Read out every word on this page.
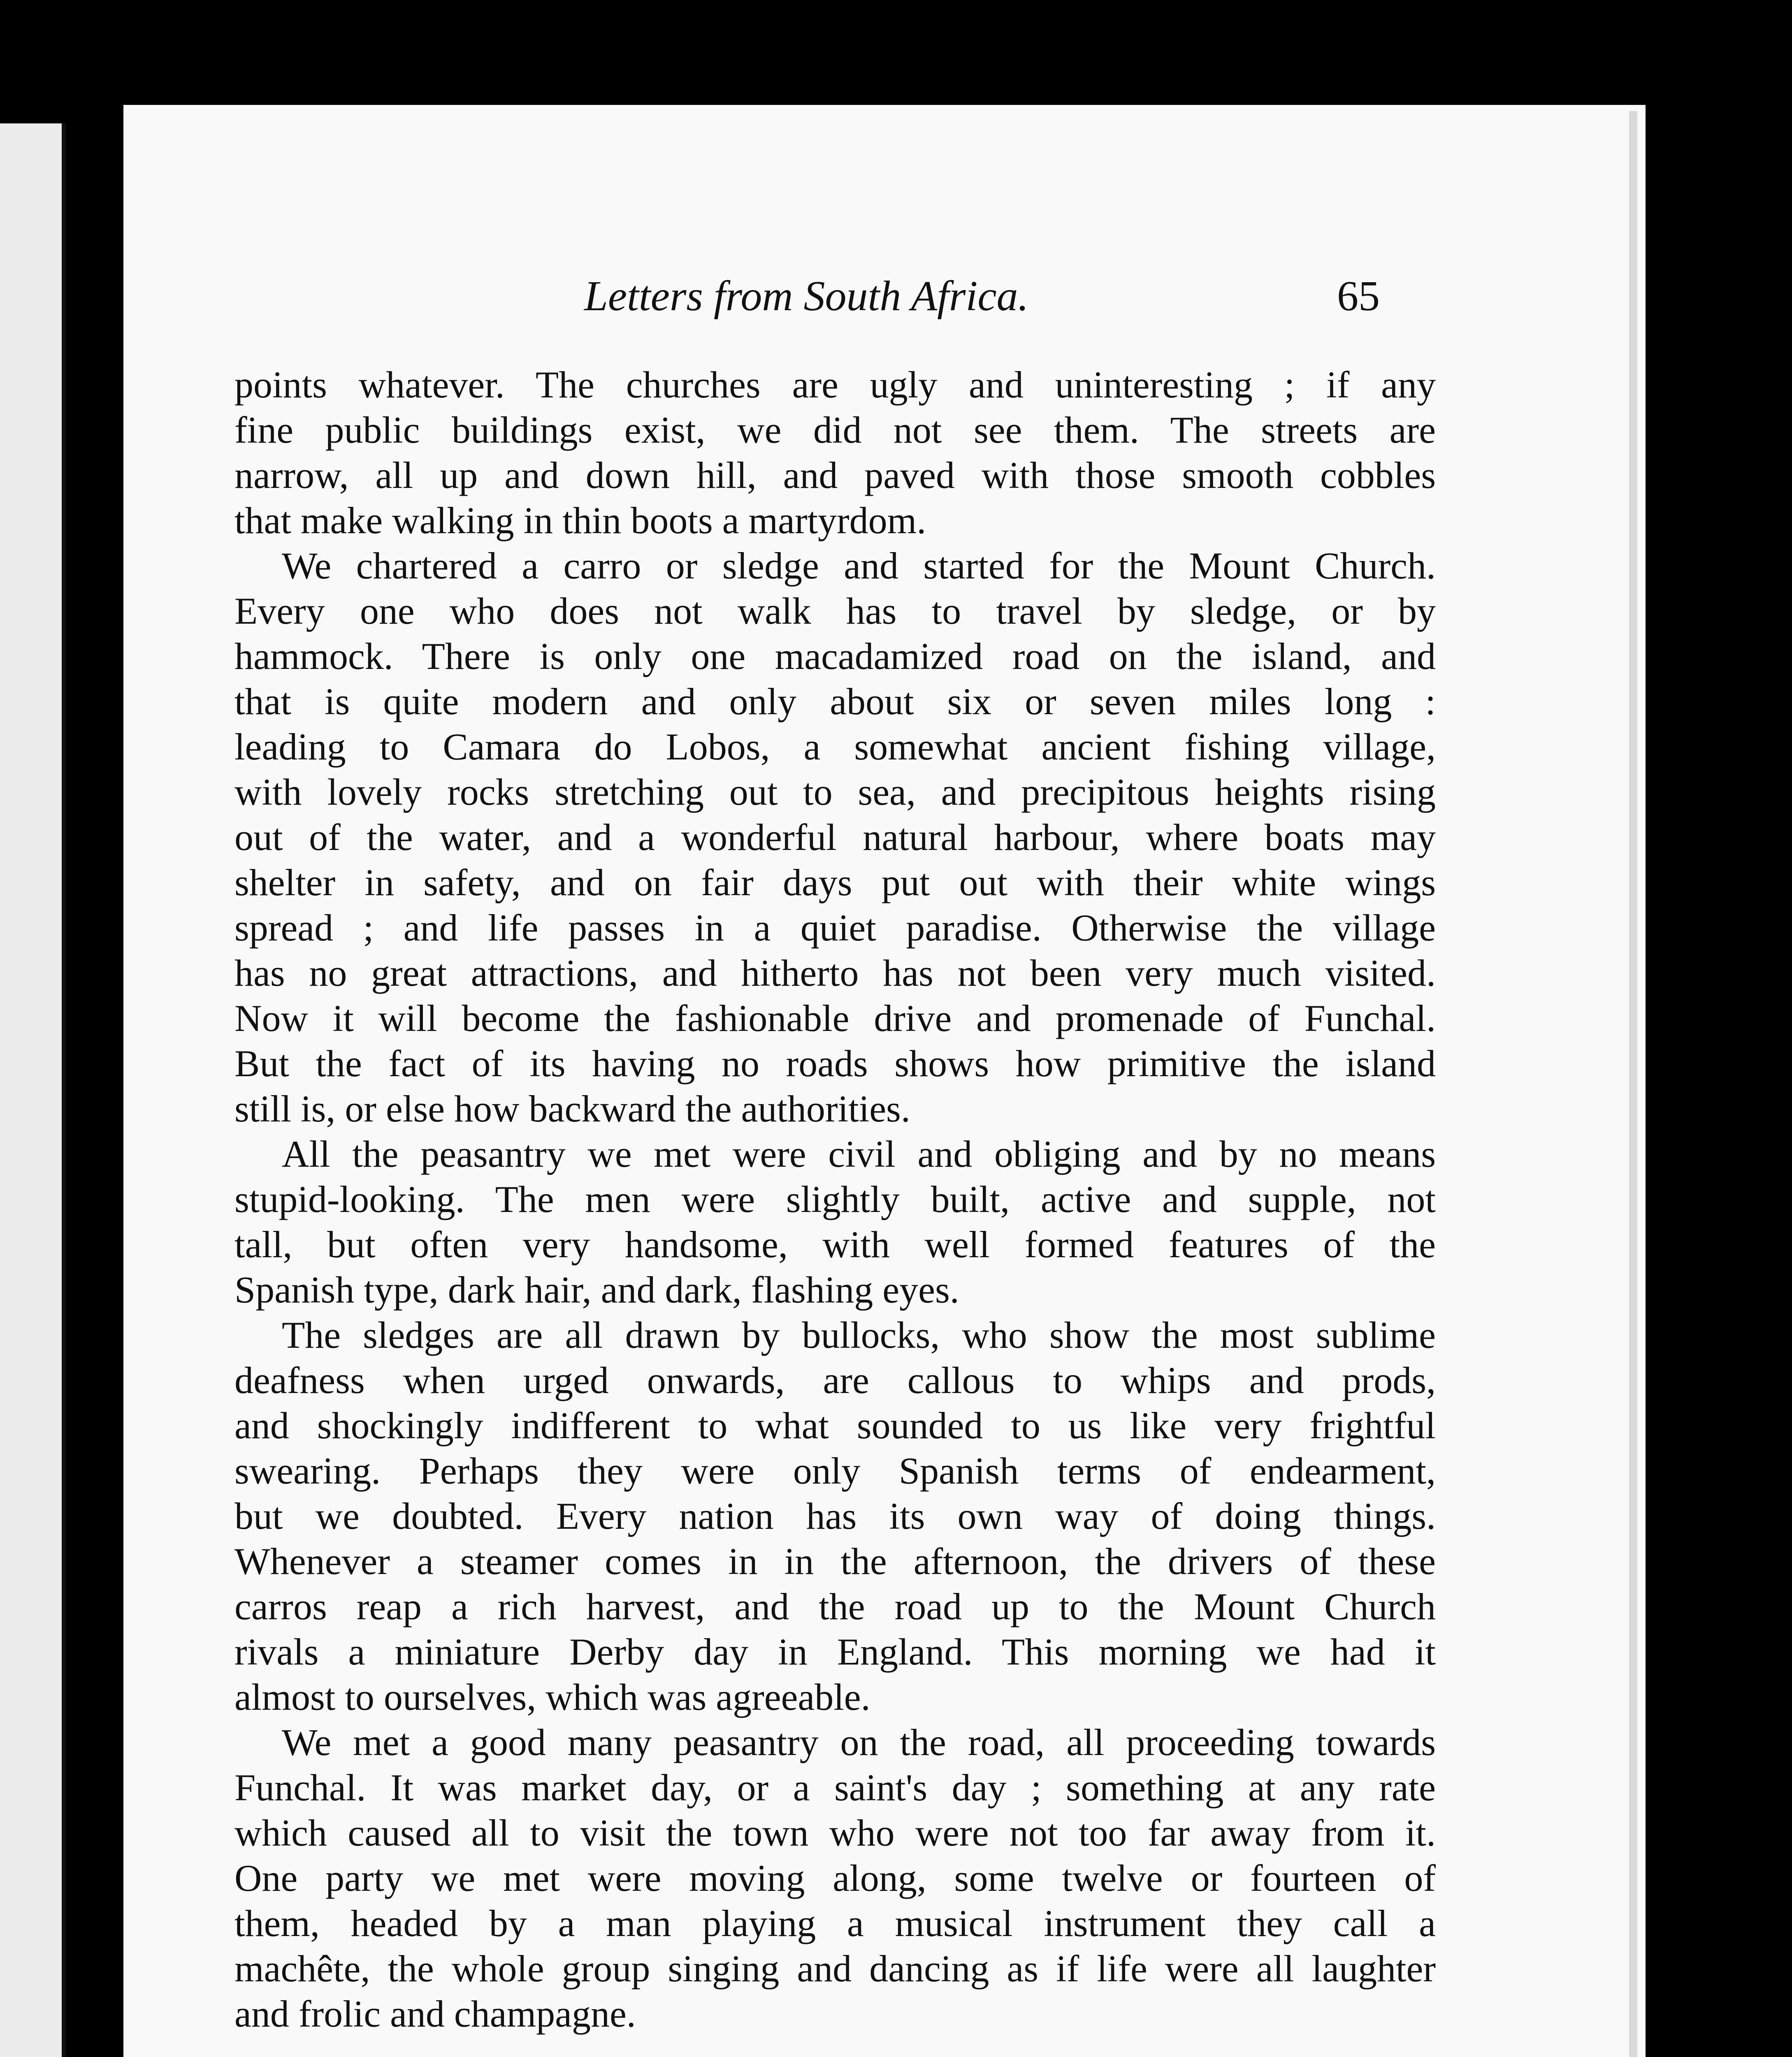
Letters from South Africa.	65
points whatever. The churches are ugly and uninteresting ; if any
fine public buildings exist, we did not see them. The streets are
narrow, all up and down hill, and paved with those smooth cobbles
that make walking in thin boots a martyrdom.
We chartered a carro or sledge and started for the Mount Church.
Every one who does not walk has to travel by sledge, or by
hammock. There is only one macadamized road on the island, and
that is quite modern and only about six or seven miles long :
leading to Camara do Lobos, a somewhat ancient fishing village,
with lovely rocks stretching out to sea, and precipitous heights rising
out of the water, and a wonderful natural harbour, where boats may
shelter in safety, and on fair days put out with their white wings
spread ; and life passes in a quiet paradise. Otherwise the village
has no great attractions, and hitherto has not been very much visited.
Now it will become the fashionable drive and promenade of Funchal.
But the fact of its having no roads shows how primitive the island
still is, or else how backward the authorities.
All the peasantry we met were civil and obliging and by no means
stupid-looking. The men were slightly built, active and supple, not
tall, but often very handsome, with well formed features of the
Spanish type, dark hair, and dark, flashing eyes.
The sledges are all drawn by bullocks, who show the most sublime
deafness when urged onwards, are callous to whips and prods,
and shockingly indifferent to what sounded to us like very frightful
swearing. Perhaps they were only Spanish terms of endearment,
but we doubted. Every nation has its own way of doing things.
Whenever a steamer comes in in the afternoon, the drivers of these
carros reap a rich harvest, and the road up to the Mount Church
rivals a miniature Derby day in England. This morning we had it
almost to ourselves, which was agreeable.
We met a good many peasantry on the road, all proceeding towards
Funchal. It was market day, or a saint's day ; something at any rate
which caused all to visit the town who were not too far away from it.
One party we met were moving along, some twelve or fourteen of
them, headed by a man playing a musical instrument they call a
machête, the whole group singing and dancing as if life were all laughter
and frolic and champagne.
